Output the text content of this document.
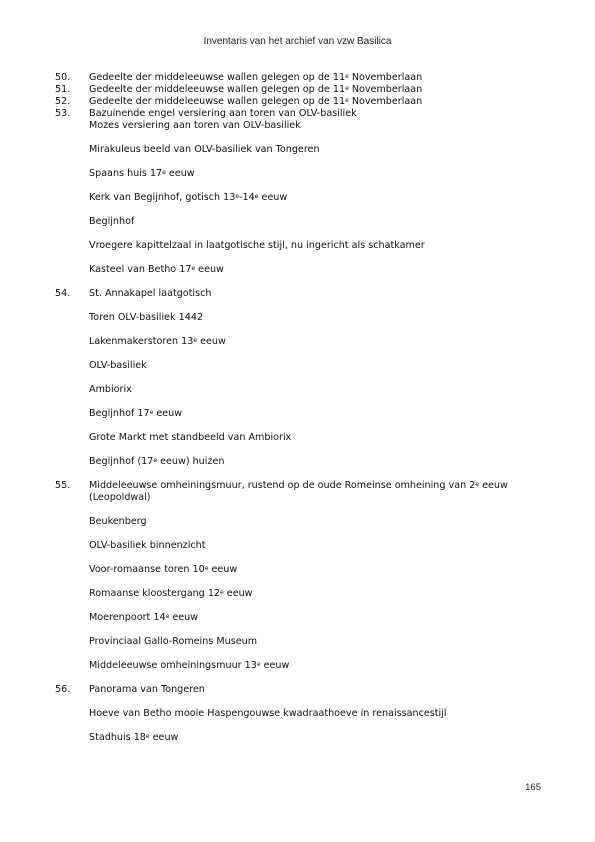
Inventaris van het archief van vzw Basilica
50. Gedeelte der middeleeuwse wallen gelegen op de 11e Novemberlaan
51. Gedeelte der middeleeuwse wallen gelegen op de 11e Novemberlaan
52. Gedeelte der middeleeuwse wallen gelegen op de 11e Novemberlaan
53. Bazuinende engel versiering aan toren van OLV-basiliek
Mozes versiering aan toren van OLV-basiliek
Mirakuleus beeld van OLV-basiliek van Tongeren
Spaans huis 17e eeuw
Kerk van Begijnhof, gotisch 13e-14e eeuw
Begijnhof
Vroegere kapittelzaal in laatgotische stijl, nu ingericht als schatkamer
Kasteel van Betho 17e eeuw
54. St. Annakapel laatgotisch
Toren OLV-basiliek 1442
Lakenmakerstoren 13e eeuw
OLV-basiliek
Ambiorix
Begijnhof 17e eeuw
Grote Markt met standbeeld van Ambiorix
Begijnhof (17e eeuw) huizen
55. Middeleeuwse omheiningsmuur, rustend op de oude Romeinse omheining van 2e eeuw (Leopoldwal)
Beukenberg
OLV-basiliek binnenzicht
Voor-romaanse toren 10e eeuw
Romaanse kloostergang 12e eeuw
Moerenpoort 14e eeuw
Provinciaal Gallo-Romeins Museum
Middeleeuwse omheiningsmuur 13e eeuw
56. Panorama van Tongeren
Hoeve van Betho mooie Haspengouwse kwadraathoeve in renaissancestijl
Stadhuis 18e eeuw
165
